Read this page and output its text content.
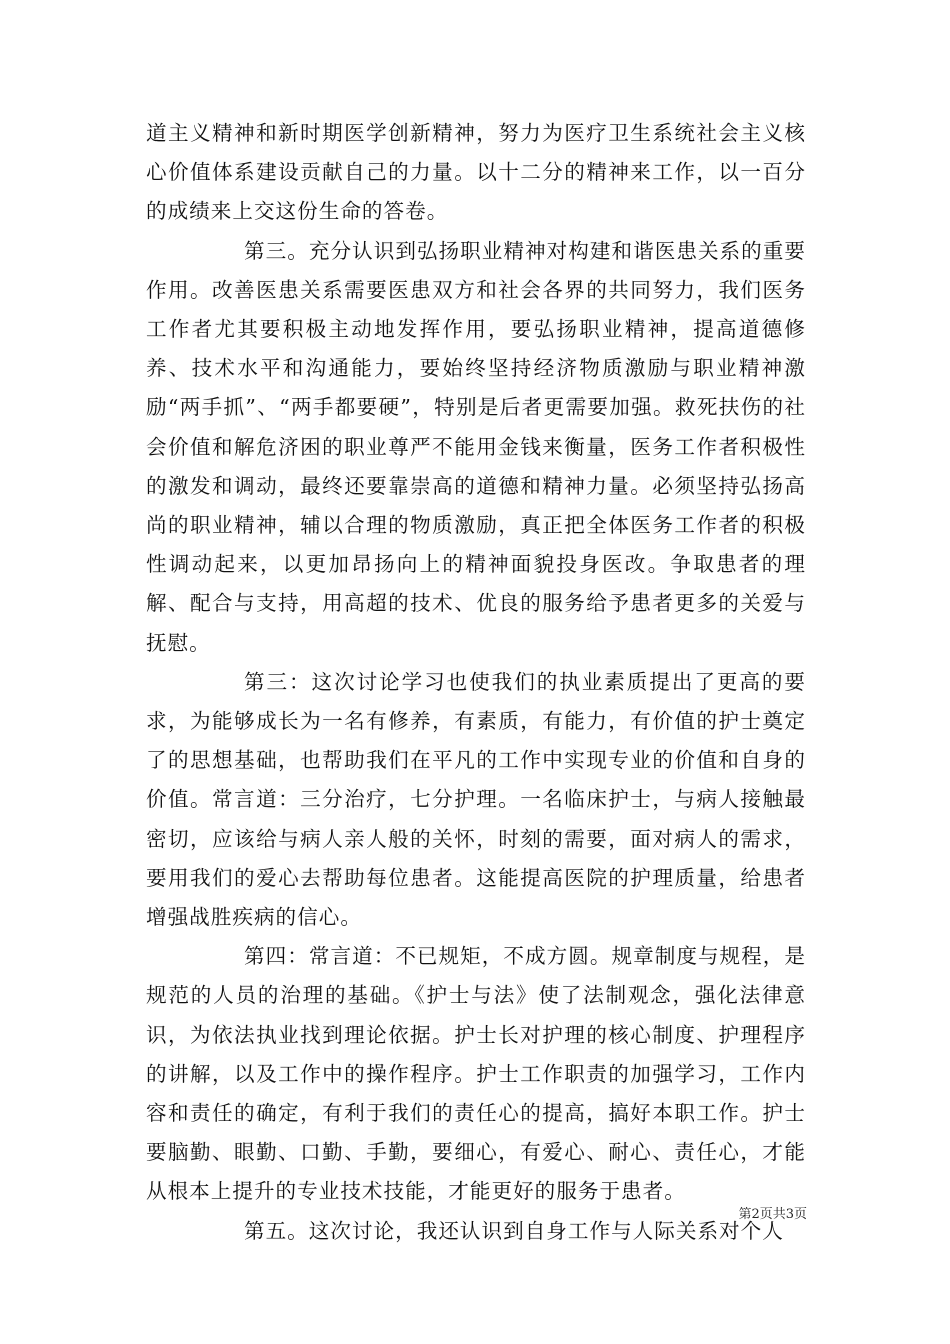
道主义精神和新时期医学创新精神，努力为医疗卫生系统社会主义核心价值体系建设贡献自己的力量。以十二分的精神来工作，以一百分的成绩来上交这份生命的答卷。

第三。充分认识到弘扬职业精神对构建和谐医患关系的重要作用。改善医患关系需要医患双方和社会各界的共同努力，我们医务工作者尤其要积极主动地发挥作用，要弘扬职业精神，提高道德修养、技术水平和沟通能力，要始终坚持经济物质激励与职业精神激励“两手抓”、“两手都要硬”，特别是后者更需要加强。救死扶伤的社会价值和解危济困的职业尊严不能用金钱来衡量，医务工作者积极性的激发和调动，最终还要靠崇高的道德和精神力量。必须坚持弘扬高尚的职业精神，辅以合理的物质激励，真正把全体医务工作者的积极性调动起来，以更加昂扬向上的精神面貌投身医改。争取患者的理解、配合与支持，用高超的技术、优良的服务给予患者更多的关爱与抚慰。

第三：这次讨论学习也使我们的执业素质提出了更高的要求，为能够成长为一名有修养，有素质，有能力，有价值的护士奠定了的思想基础，也帮助我们在平凡的工作中实现专业的价值和自身的价值。常言道：三分治疗，七分护理。一名临床护士，与病人接触最密切，应该给与病人亲人般的关怀，时刻的需要，面对病人的需求，要用我们的爱心去帮助每位患者。这能提高医院的护理质量，给患者增强战胜疾病的信心。

第四：常言道：不已规矩，不成方圆。规章制度与规程，是规范的人员的治理的基础。《护士与法》使了法制观念，强化法律意识，为依法执业找到理论依据。护士长对护理的核心制度、护理程序的讲解，以及工作中的操作程序。护士工作职责的加强学习，工作内容和责任的确定，有利于我们的责任心的提高，搞好本职工作。护士要脑勤、眼勤、口勤、手勤，要细心，有爱心、耐心、责任心，才能从根本上提升的专业技术技能，才能更好的服务于患者。

第五。这次讨论，我还认识到自身工作与人际关系对个人

第2页共3页
